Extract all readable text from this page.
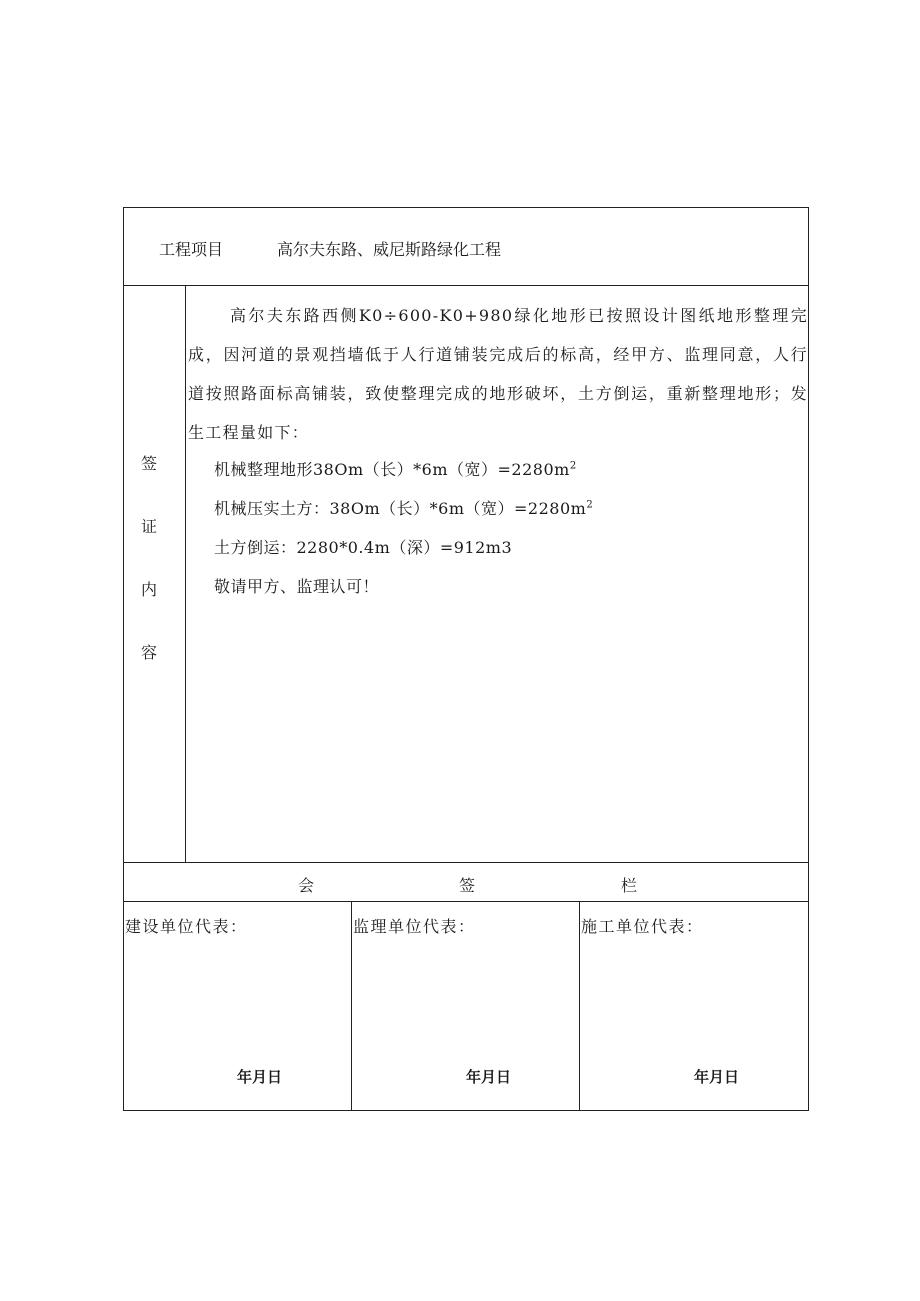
工程项目	高尔夫东路、威尼斯路绿化工程
签
证
内
容
高尔夫东路西侧K0÷600-K0+980绿化地形已按照设计图纸地形整理完成，因河道的景观挡墙低于人行道铺装完成后的标高，经甲方、监理同意，人行道按照路面标高铺装，致使整理完成的地形破坏，土方倒运，重新整理地形；发生工程量如下：
机械整理地形38Om（长）*6m（宽）$=2280m^2$
机械压实土方：38Om（长）*6m（宽）$=2280m^2$
土方倒运：2280*0.4m（深）=912m3
敬请甲方、监理认可！
会	签	栏
建设单位代表：
年月日
监理单位代表：
年月日
施工单位代表：
年月日
